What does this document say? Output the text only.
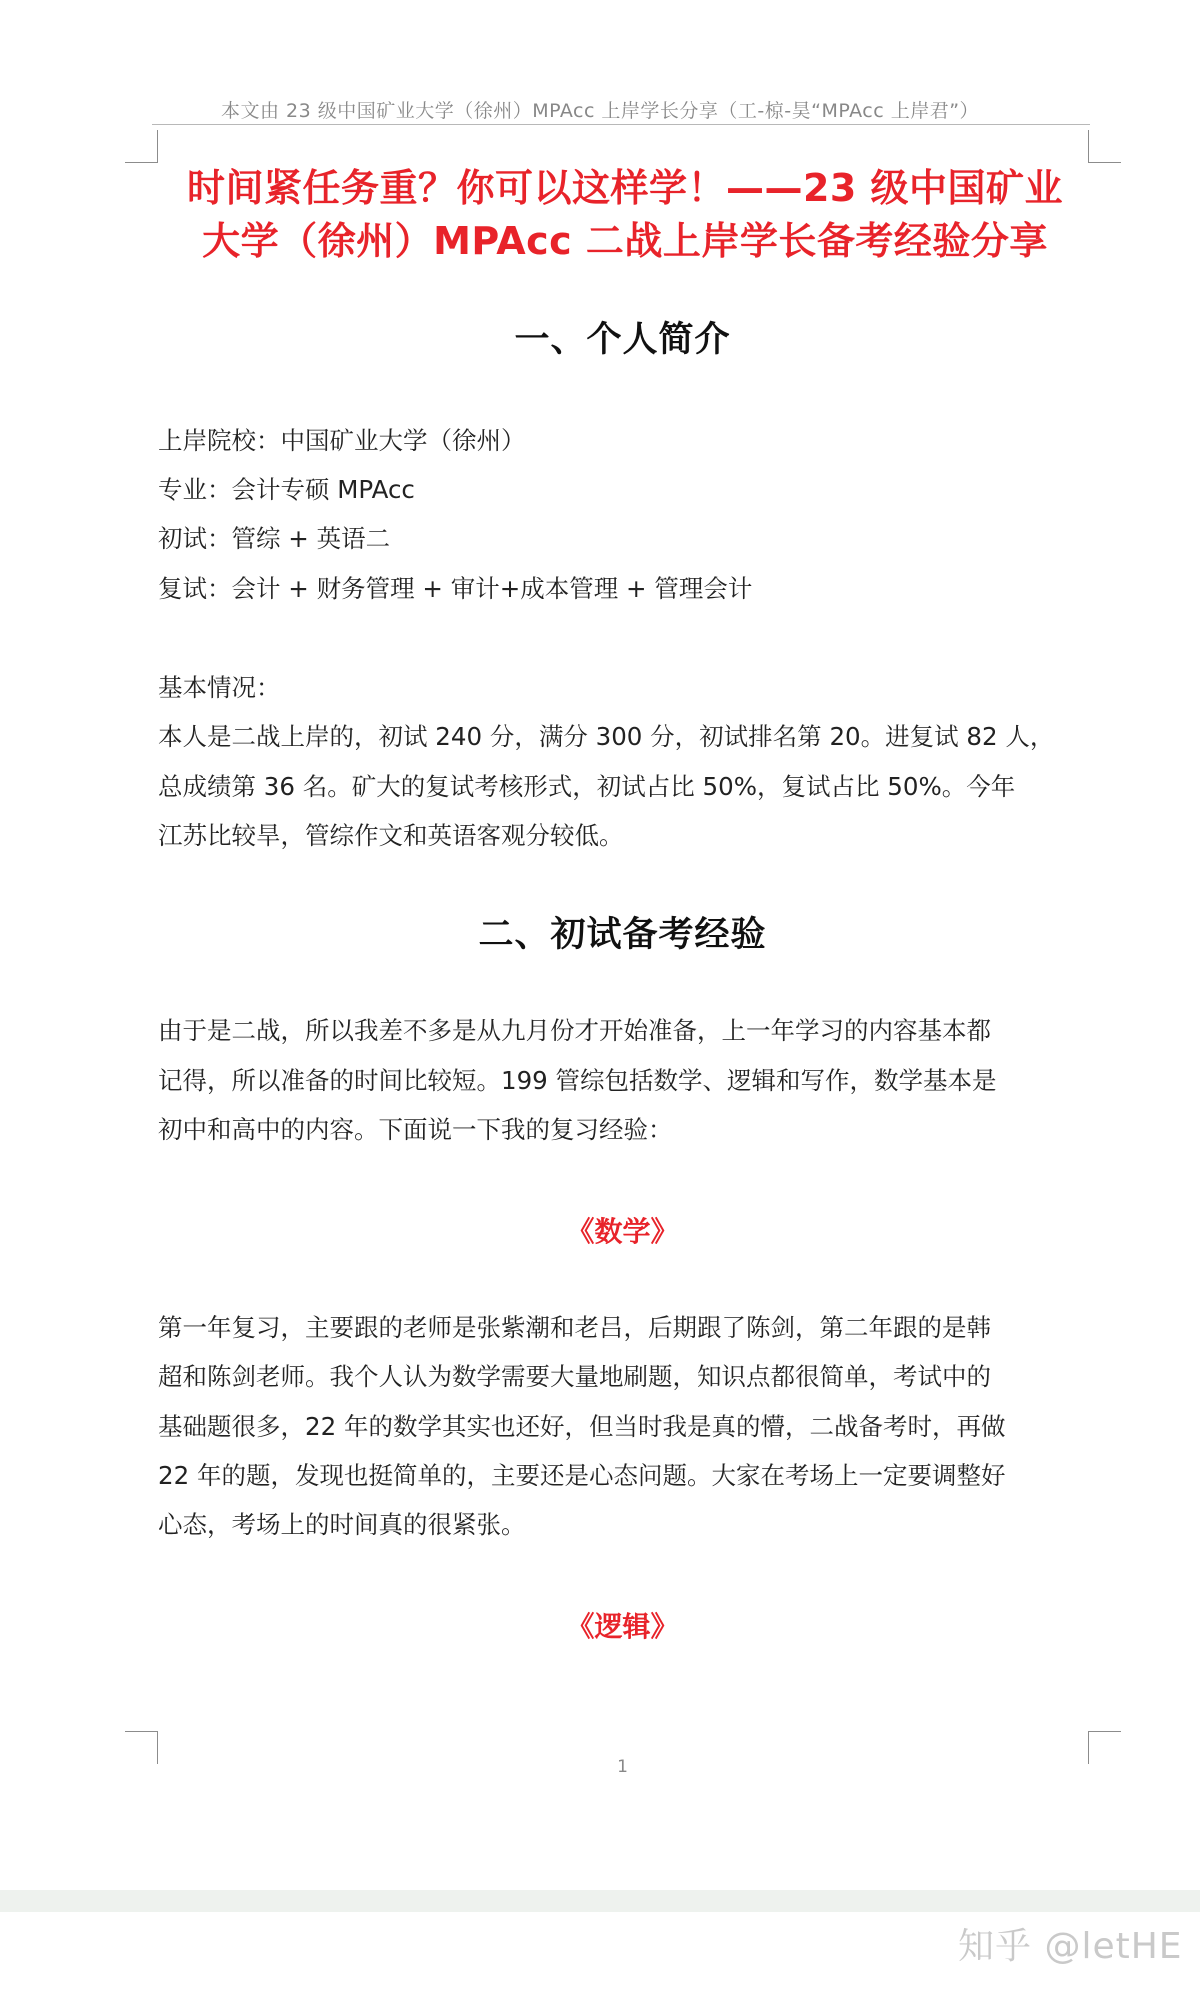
本文由 23 级中国矿业大学（徐州）MPAcc 上岸学长分享（工-椋-昊“MPAcc 上岸君”）
时间紧任务重？你可以这样学！——23 级中国矿业
大学（徐州）MPAcc 二战上岸学长备考经验分享
一、个人简介
上岸院校：中国矿业大学（徐州）
专业：会计专硕 MPAcc
初试：管综 + 英语二
复试：会计 + 财务管理 + 审计+成本管理 + 管理会计
基本情况：
本人是二战上岸的，初试 240 分，满分 300 分，初试排名第 20。进复试 82 人，
总成绩第 36 名。矿大的复试考核形式，初试占比 50%，复试占比 50%。今年
江苏比较旱，管综作文和英语客观分较低。
二、初试备考经验
由于是二战，所以我差不多是从九月份才开始准备，上一年学习的内容基本都
记得，所以准备的时间比较短。199 管综包括数学、逻辑和写作，数学基本是
初中和高中的内容。下面说一下我的复习经验：
《数学》
第一年复习，主要跟的老师是张紫潮和老吕，后期跟了陈剑，第二年跟的是韩
超和陈剑老师。我个人认为数学需要大量地刷题，知识点都很简单，考试中的
基础题很多，22 年的数学其实也还好，但当时我是真的懵，二战备考时，再做
22 年的题，发现也挺简单的，主要还是心态问题。大家在考场上一定要调整好
心态，考场上的时间真的很紧张。
《逻辑》
1
知乎 @letHE
